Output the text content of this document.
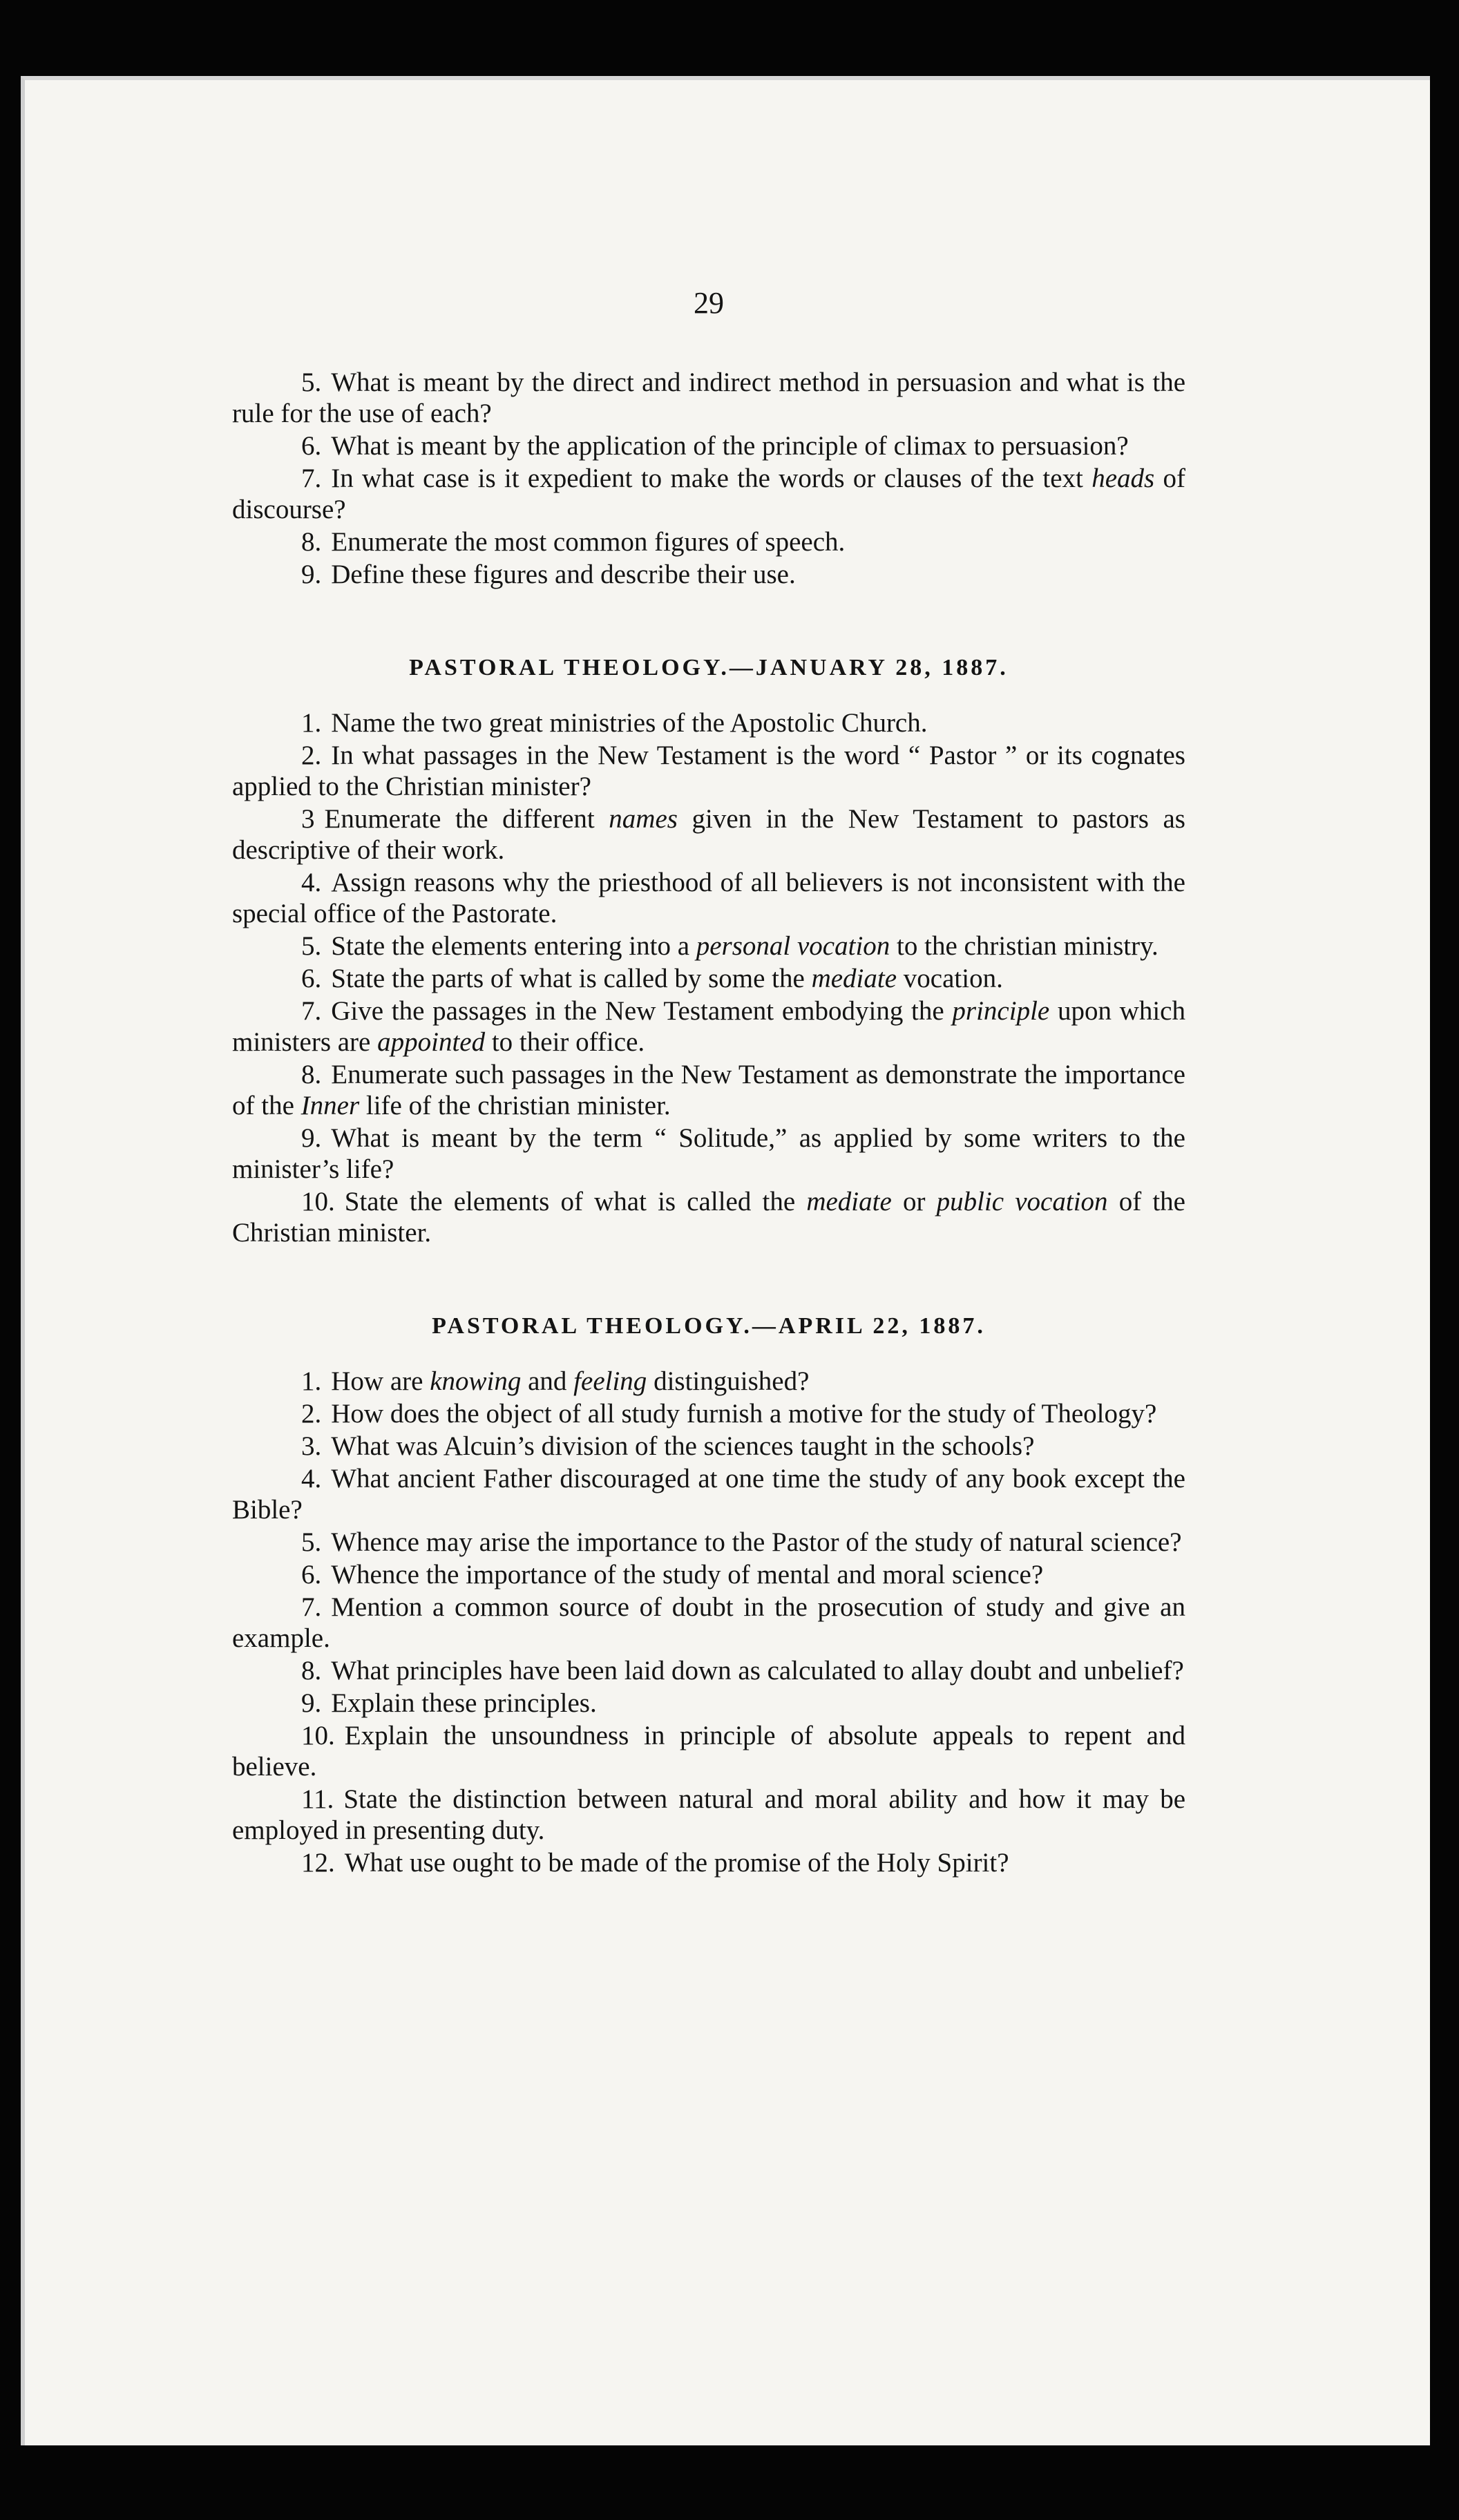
29

5. What is meant by the direct and indirect method in persuasion and what is the rule for the use of each?

6. What is meant by the application of the principle of climax to persuasion?

7. In what case is it expedient to make the words or clauses of the text heads of discourse?

8. Enumerate the most common figures of speech.

9. Define these figures and describe their use.

PASTORAL THEOLOGY.—JANUARY 28, 1887.

1. Name the two great ministries of the Apostolic Church.

2. In what passages in the New Testament is the word “ Pastor ” or its cognates applied to the Christian minister?

3 Enumerate the different names given in the New Testament to pastors as descriptive of their work.

4. Assign reasons why the priesthood of all believers is not inconsistent with the special office of the Pastorate.

5. State the elements entering into a personal vocation to the christian ministry.

6. State the parts of what is called by some the mediate vocation.

7. Give the passages in the New Testament embodying the principle upon which ministers are appointed to their office.

8. Enumerate such passages in the New Testament as demonstrate the importance of the Inner life of the christian minister.

9. What is meant by the term “ Solitude,” as applied by some writers to the minister’s life?

10. State the elements of what is called the mediate or public vocation of the Christian minister.

PASTORAL THEOLOGY.—APRIL 22, 1887.

1. How are knowing and feeling distinguished?

2. How does the object of all study furnish a motive for the study of Theology?

3. What was Alcuin’s division of the sciences taught in the schools?

4. What ancient Father discouraged at one time the study of any book except the Bible?

5. Whence may arise the importance to the Pastor of the study of natural science?

6. Whence the importance of the study of mental and moral science?

7. Mention a common source of doubt in the prosecution of study and give an example.

8. What principles have been laid down as calculated to allay doubt and unbelief?

9. Explain these principles.

10. Explain the unsoundness in principle of absolute appeals to repent and believe.

11. State the distinction between natural and moral ability and how it may be employed in presenting duty.

12. What use ought to be made of the promise of the Holy Spirit?
